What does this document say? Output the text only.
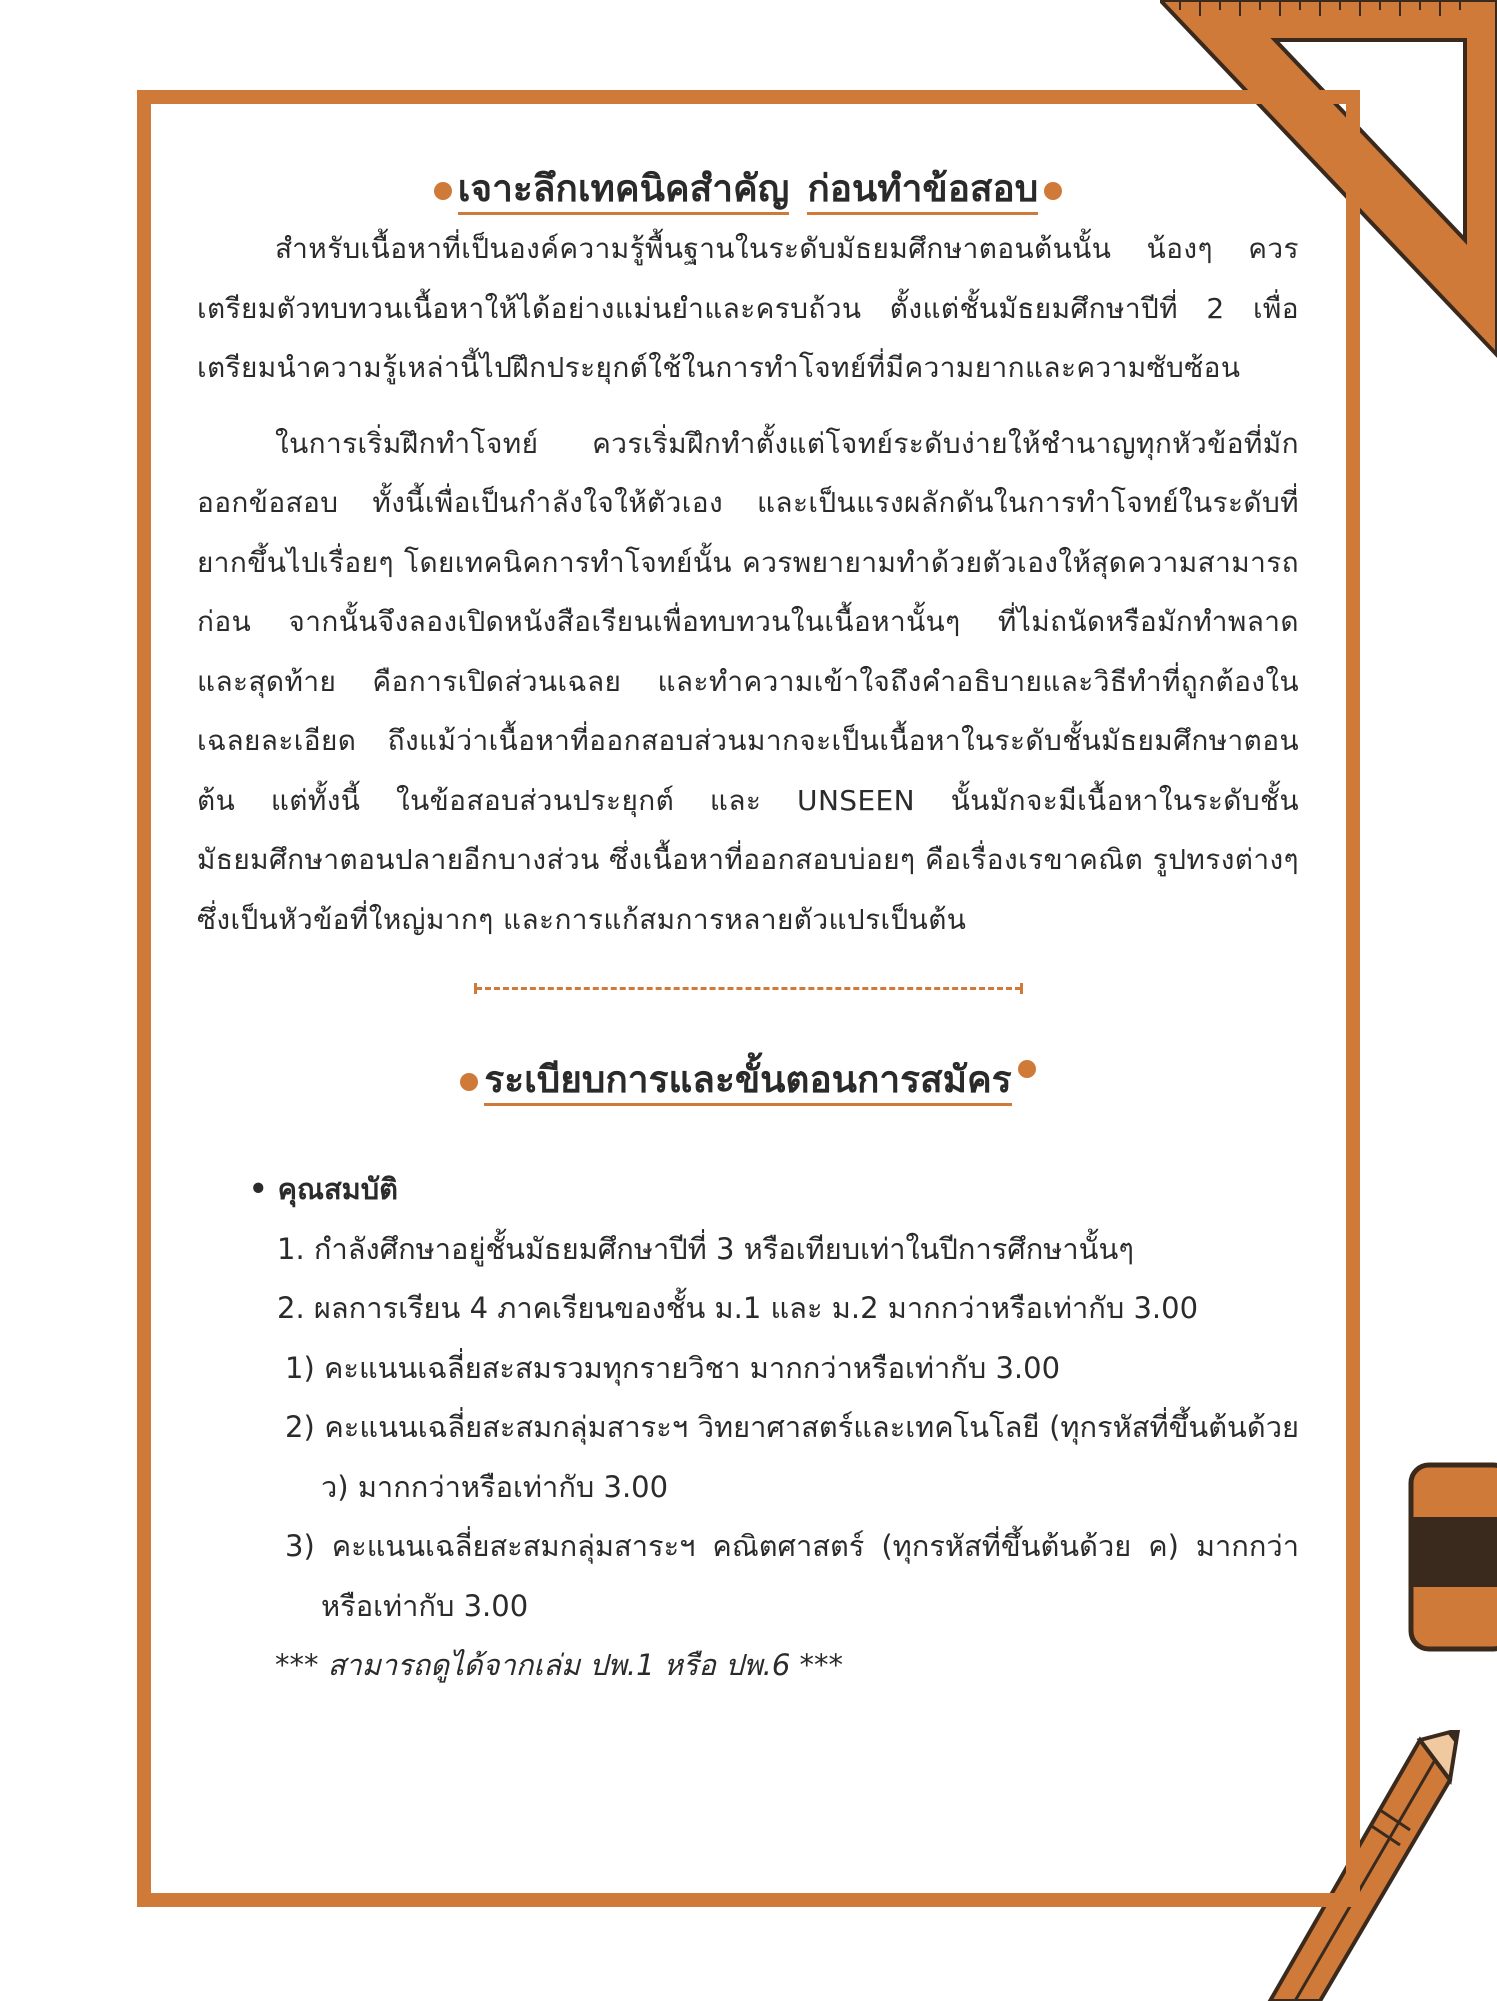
เจาะลึกเทคนิคสำคัญ ก่อนทำข้อสอบ

สำหรับเนื้อหาที่เป็นองค์ความรู้พื้นฐานในระดับมัธยมศึกษาตอนต้นนั้น น้องๆ ควรเตรียมตัวทบทวนเนื้อหาให้ได้อย่างแม่นยำและครบถ้วน ตั้งแต่ชั้นมัธยมศึกษาปีที่ 2 เพื่อเตรียมนำความรู้เหล่านี้ไปฝึกประยุกต์ใช้ในการทำโจทย์ที่มีความยากและความซับซ้อน

ในการเริ่มฝึกทำโจทย์ ควรเริ่มฝึกทำตั้งแต่โจทย์ระดับง่ายให้ชำนาญทุกหัวข้อที่มักออกข้อสอบ ทั้งนี้เพื่อเป็นกำลังใจให้ตัวเอง และเป็นแรงผลักดันในการทำโจทย์ในระดับที่ยากขึ้นไปเรื่อยๆ โดยเทคนิคการทำโจทย์นั้น ควรพยายามทำด้วยตัวเองให้สุดความสามารถก่อน จากนั้นจึงลองเปิดหนังสือเรียนเพื่อทบทวนในเนื้อหานั้นๆ ที่ไม่ถนัดหรือมักทำพลาด และสุดท้าย คือการเปิดส่วนเฉลย และทำความเข้าใจถึงคำอธิบายและวิธีทำที่ถูกต้องในเฉลยละเอียด ถึงแม้ว่าเนื้อหาที่ออกสอบส่วนมากจะเป็นเนื้อหาในระดับชั้นมัธยมศึกษาตอนต้น แต่ทั้งนี้ ในข้อสอบส่วนประยุกต์ และ UNSEEN นั้นมักจะมีเนื้อหาในระดับชั้นมัธยมศึกษาตอนปลายอีกบางส่วน ซึ่งเนื้อหาที่ออกสอบบ่อยๆ คือเรื่องเรขาคณิต รูปทรงต่างๆ ซึ่งเป็นหัวข้อที่ใหญ่มากๆ และการแก้สมการหลายตัวแปรเป็นต้น

ระเบียบการและขั้นตอนการสมัคร
• คุณสมบัติ
1. กำลังศึกษาอยู่ชั้นมัธยมศึกษาปีที่ 3 หรือเทียบเท่าในปีการศึกษานั้นๆ
2. ผลการเรียน 4 ภาคเรียนของชั้น ม.1 และ ม.2 มากกว่าหรือเท่ากับ 3.00
1) คะแนนเฉลี่ยสะสมรวมทุกรายวิชา มากกว่าหรือเท่ากับ 3.00
2) คะแนนเฉลี่ยสะสมกลุ่มสาระฯ วิทยาศาสตร์และเทคโนโลยี (ทุกรหัสที่ขึ้นต้นด้วย ว) มากกว่าหรือเท่ากับ 3.00
3) คะแนนเฉลี่ยสะสมกลุ่มสาระฯ คณิตศาสตร์ (ทุกรหัสที่ขึ้นต้นด้วย ค) มากกว่าหรือเท่ากับ 3.00
*** สามารถดูได้จากเล่ม ปพ.1 หรือ ปพ.6 ***
